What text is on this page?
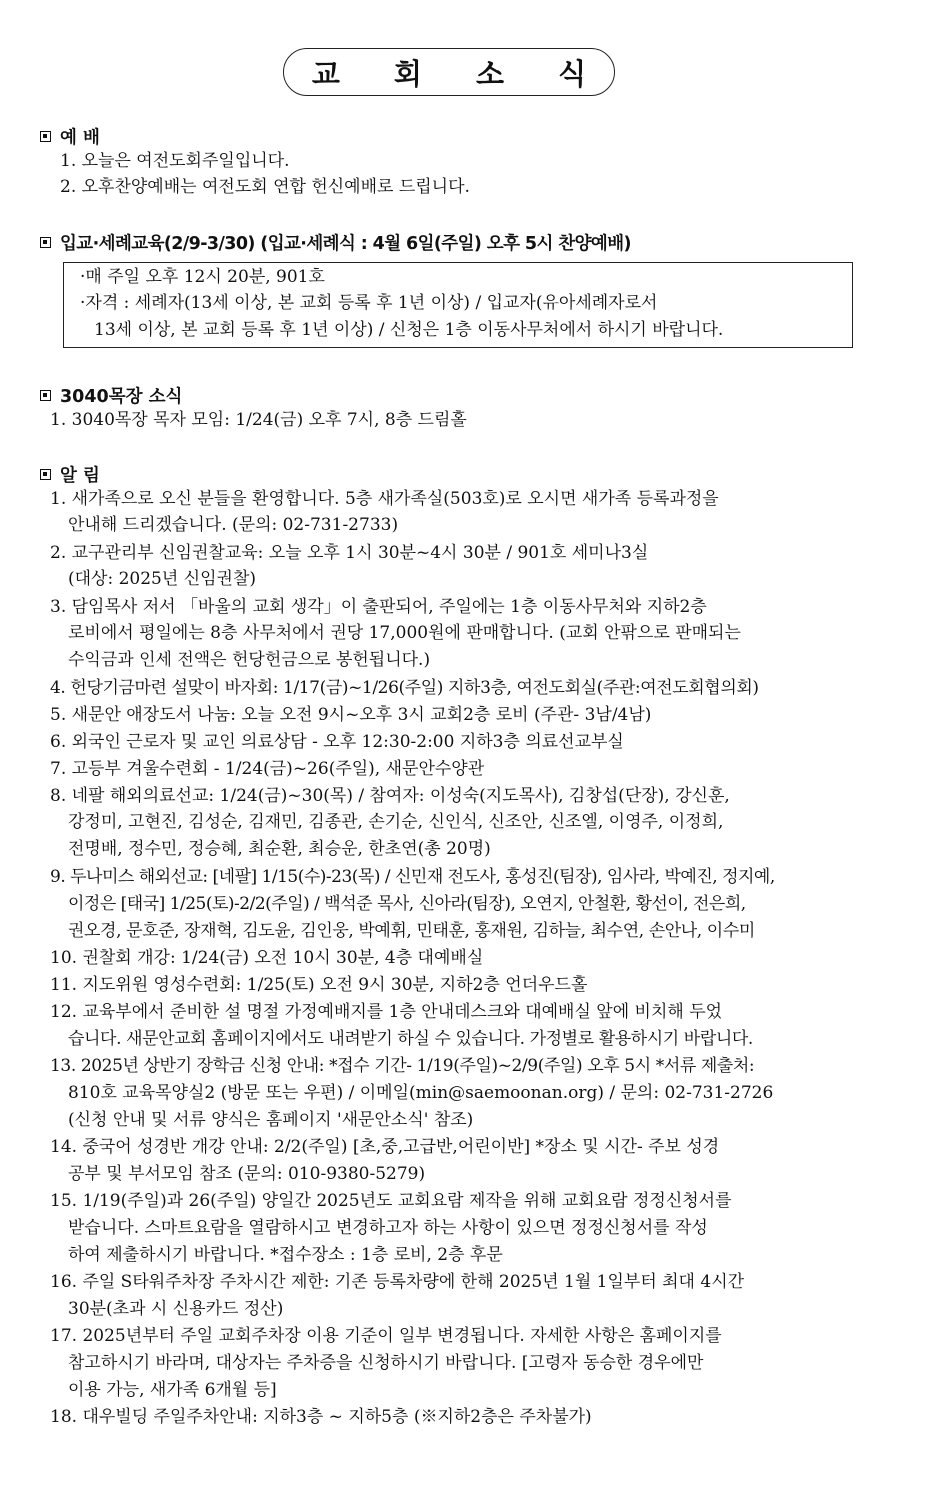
교 회 소 식
예 배
1. 오늘은 여전도회주일입니다.
2. 오후찬양예배는 여전도회 연합 헌신예배로 드립니다.
입교·세례교육(2/9-3/30) (입교·세례식 : 4월 6일(주일) 오후 5시 찬양예배)
·매 주일 오후 12시 20분, 901호
·자격 : 세례자(13세 이상, 본 교회 등록 후 1년 이상) / 입교자(유아세례자로서
13세 이상, 본 교회 등록 후 1년 이상) / 신청은 1층 이동사무처에서 하시기 바랍니다.
3040목장 소식
1. 3040목장 목자 모임: 1/24(금) 오후 7시, 8층 드림홀
알 림
1. 새가족으로 오신 분들을 환영합니다. 5층 새가족실(503호)로 오시면 새가족 등록과정을
안내해 드리겠습니다. (문의: 02-731-2733)
2. 교구관리부 신임권찰교육: 오늘 오후 1시 30분~4시 30분 / 901호 세미나3실
(대상: 2025년 신임권찰)
3. 담임목사 저서 「바울의 교회 생각」이 출판되어, 주일에는 1층 이동사무처와 지하2층
로비에서 평일에는 8층 사무처에서 권당 17,000원에 판매합니다. (교회 안팎으로 판매되는
수익금과 인세 전액은 헌당헌금으로 봉헌됩니다.)
4. 헌당기금마련 설맞이 바자회: 1/17(금)~1/26(주일) 지하3층, 여전도회실(주관:여전도회협의회)
5. 새문안 애장도서 나눔: 오늘 오전 9시~오후 3시 교회2층 로비 (주관- 3남/4남)
6. 외국인 근로자 및 교인 의료상담 - 오후 12:30-2:00 지하3층 의료선교부실
7. 고등부 겨울수련회 - 1/24(금)~26(주일), 새문안수양관
8. 네팔 해외의료선교: 1/24(금)~30(목) / 참여자: 이성숙(지도목사), 김창섭(단장), 강신훈,
강정미, 고현진, 김성순, 김재민, 김종관, 손기순, 신인식, 신조안, 신조엘, 이영주, 이정희,
전명배, 정수민, 정승혜, 최순환, 최승운, 한초연(총 20명)
9. 두나미스 해외선교: [네팔] 1/15(수)-23(목) / 신민재 전도사, 홍성진(팀장), 임사라, 박예진, 정지예,
이정은 [태국] 1/25(토)-2/2(주일) / 백석준 목사, 신아라(팀장), 오연지, 안철환, 황선이, 전은희,
권오경, 문호준, 장재혁, 김도윤, 김인웅, 박예휘, 민태훈, 홍재원, 김하늘, 최수연, 손안나, 이수미
10. 권찰회 개강: 1/24(금) 오전 10시 30분, 4층 대예배실
11. 지도위원 영성수련회: 1/25(토) 오전 9시 30분, 지하2층 언더우드홀
12. 교육부에서 준비한 설 명절 가정예배지를 1층 안내데스크와 대예배실 앞에 비치해 두었
습니다. 새문안교회 홈페이지에서도 내려받기 하실 수 있습니다. 가정별로 활용하시기 바랍니다.
13. 2025년 상반기 장학금 신청 안내: *접수 기간- 1/19(주일)~2/9(주일) 오후 5시 *서류 제출처:
810호 교육목양실2 (방문 또는 우편) / 이메일(min@saemoonan.org) / 문의: 02-731-2726
(신청 안내 및 서류 양식은 홈페이지 '새문안소식' 참조)
14. 중국어 성경반 개강 안내: 2/2(주일) [초,중,고급반,어린이반] *장소 및 시간- 주보 성경
공부 및 부서모임 참조 (문의: 010-9380-5279)
15. 1/19(주일)과 26(주일) 양일간 2025년도 교회요람 제작을 위해 교회요람 정정신청서를
받습니다. 스마트요람을 열람하시고 변경하고자 하는 사항이 있으면 정정신청서를 작성
하여 제출하시기 바랍니다. *접수장소 : 1층 로비, 2층 후문
16. 주일 S타워주차장 주차시간 제한: 기존 등록차량에 한해 2025년 1월 1일부터 최대 4시간
30분(초과 시 신용카드 정산)
17. 2025년부터 주일 교회주차장 이용 기준이 일부 변경됩니다. 자세한 사항은 홈페이지를
참고하시기 바라며, 대상자는 주차증을 신청하시기 바랍니다. [고령자 동승한 경우에만
이용 가능, 새가족 6개월 등]
18. 대우빌딩 주일주차안내: 지하3층 ~ 지하5층 (※지하2층은 주차불가)
